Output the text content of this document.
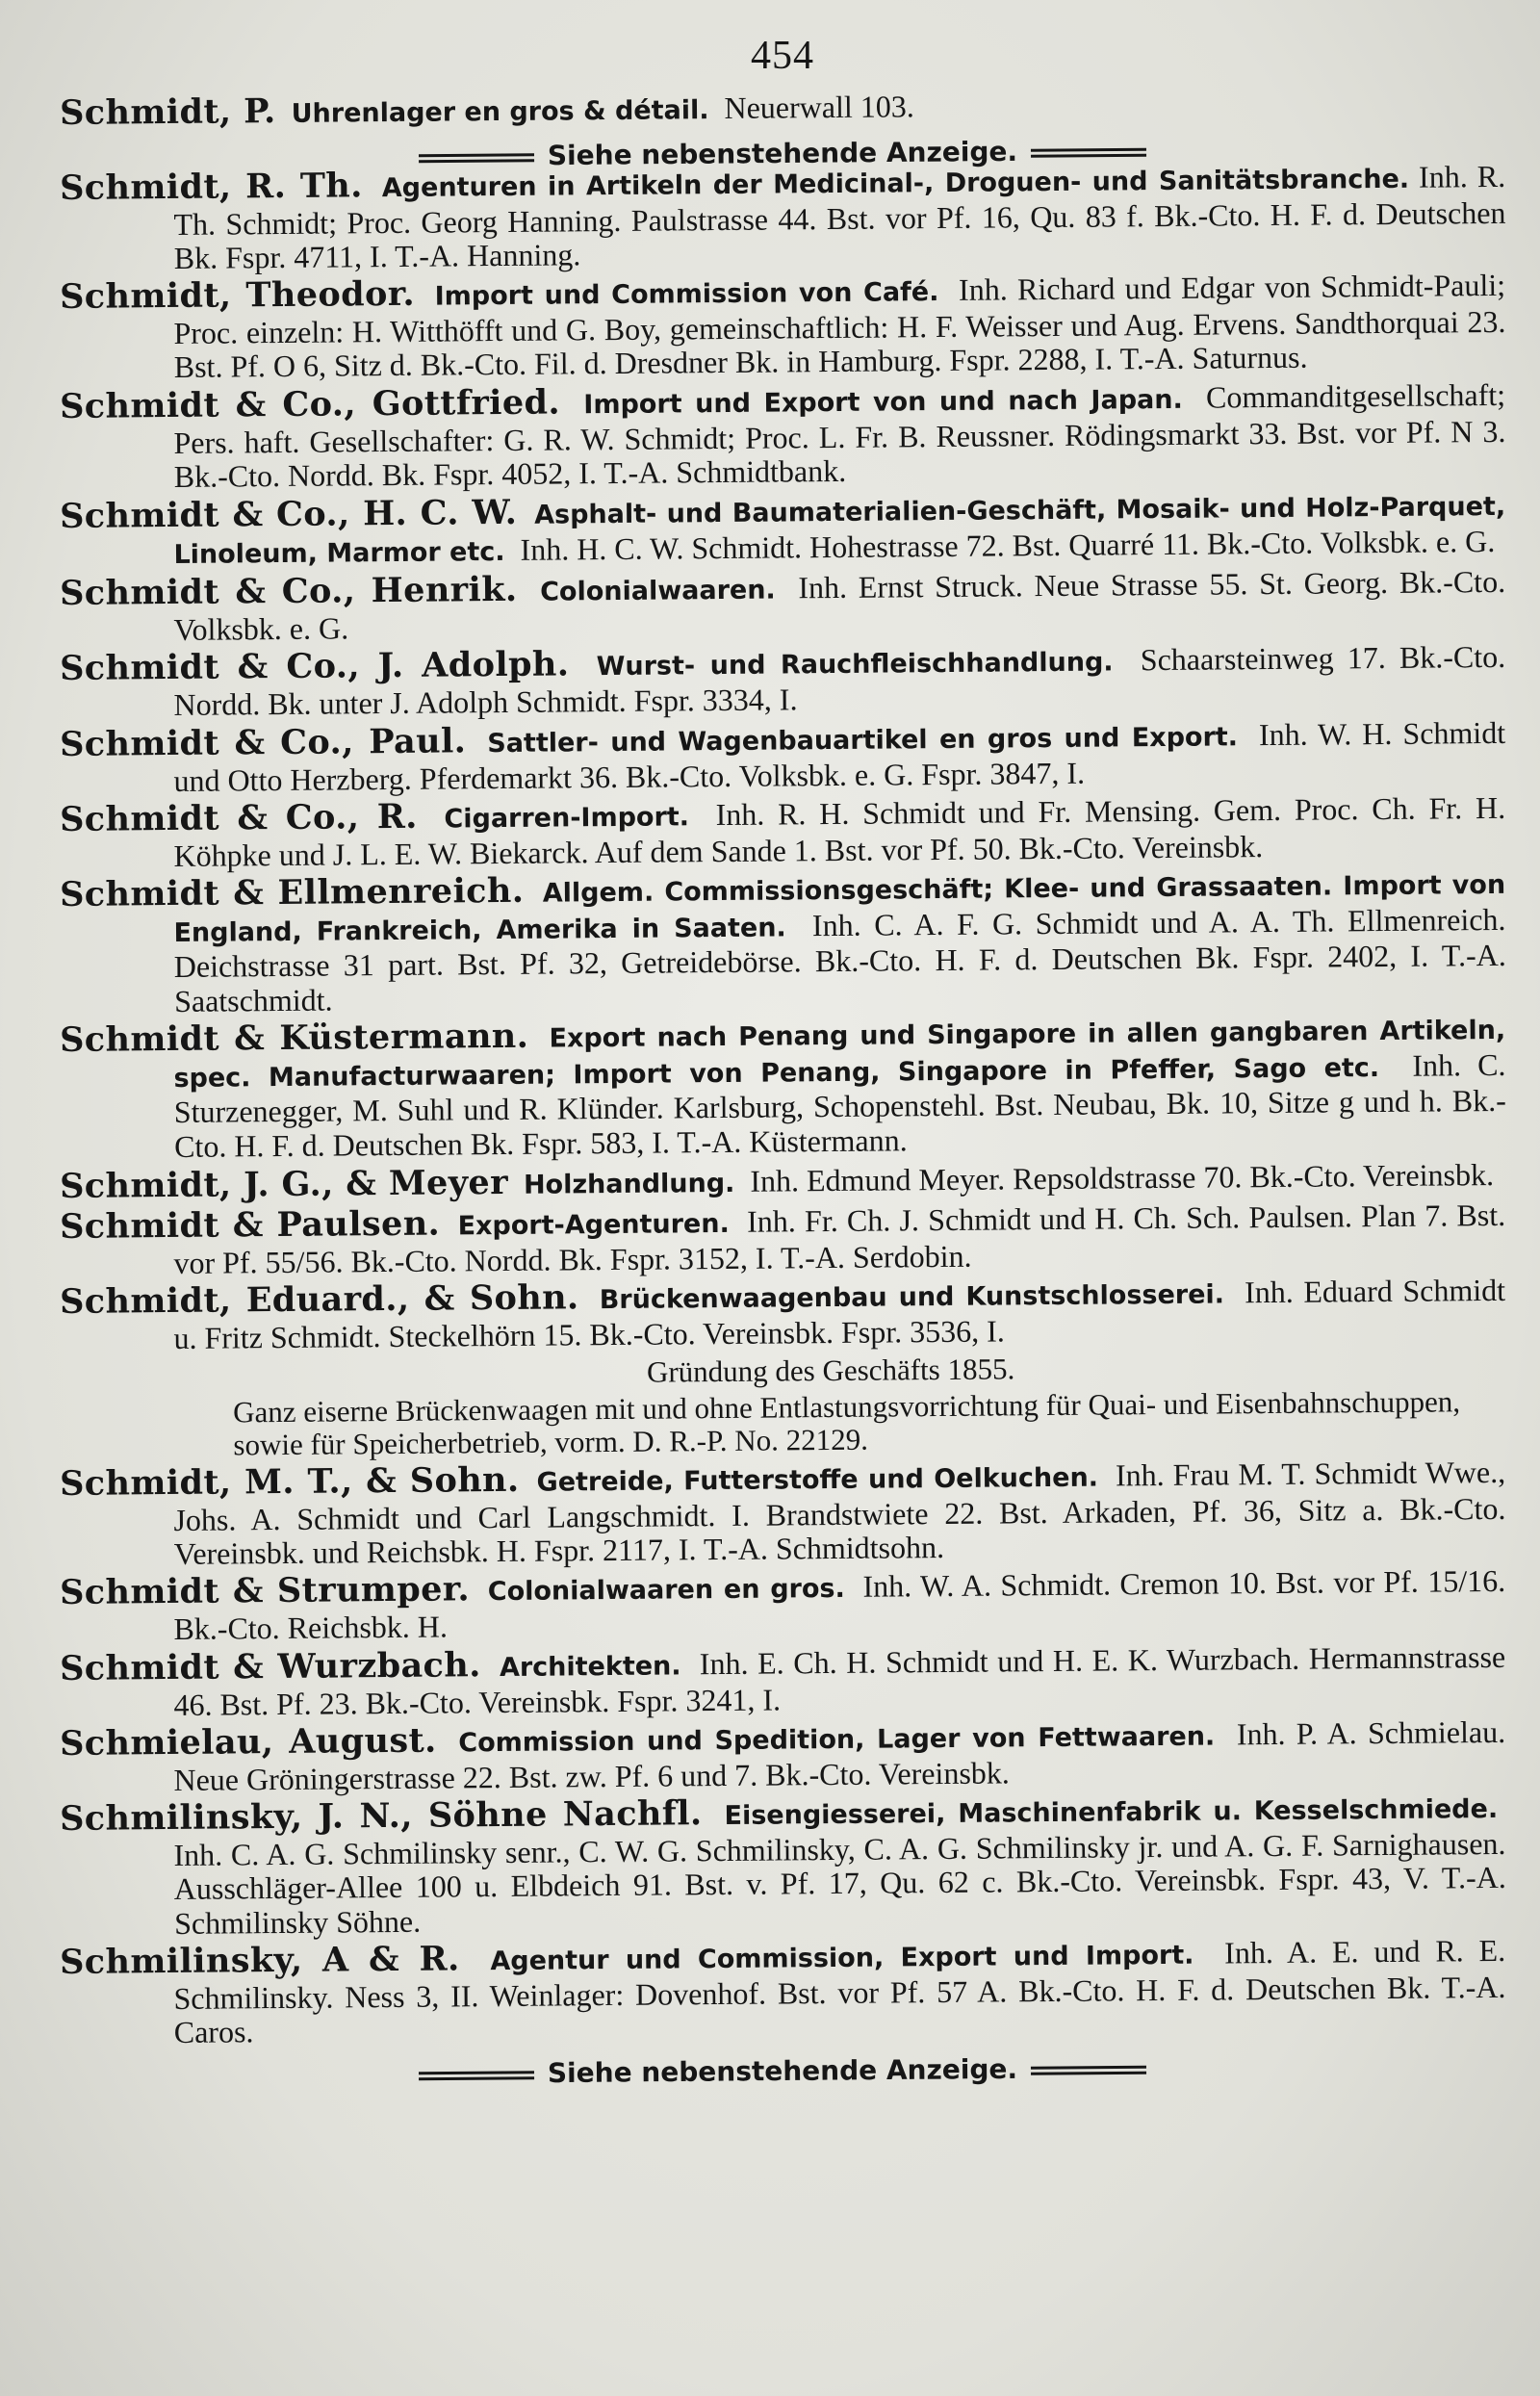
454

Schmidt, P. Uhrenlager en gros & détail. Neuerwall 103.

Siehe nebenstehende Anzeige.

Schmidt, R. Th. Agenturen in Artikeln der Medicinal-, Droguen- und Sanitätsbranche. Inh. R. Th. Schmidt; Proc. Georg Hanning. Paulstrasse 44. Bst. vor Pf. 16, Qu. 83 f. Bk.-Cto. H. F. d. Deutschen Bk. Fspr. 4711, I. T.-A. Hanning.

Schmidt, Theodor. Import und Commission von Café. Inh. Richard und Edgar von Schmidt-Pauli; Proc. einzeln: H. Witthöfft und G. Boy, gemeinschaftlich: H. F. Weisser und Aug. Ervens. Sandthorquai 23. Bst. Pf. O 6, Sitz d. Bk.-Cto. Fil. d. Dresdner Bk. in Hamburg. Fspr. 2288, I. T.-A. Saturnus.

Schmidt & Co., Gottfried. Import und Export von und nach Japan. Commanditgesellschaft; Pers. haft. Gesellschafter: G. R. W. Schmidt; Proc. L. Fr. B. Reussner. Rödingsmarkt 33. Bst. vor Pf. N 3. Bk.-Cto. Nordd. Bk. Fspr. 4052, I. T.-A. Schmidtbank.

Schmidt & Co., H. C. W. Asphalt- und Baumaterialien-Geschäft, Mosaik- und Holz-Parquet, Linoleum, Marmor etc. Inh. H. C. W. Schmidt. Hohestrasse 72. Bst. Quarré 11. Bk.-Cto. Volksbk. e. G.

Schmidt & Co., Henrik. Colonialwaaren. Inh. Ernst Struck. Neue Strasse 55. St. Georg. Bk.-Cto. Volksbk. e. G.

Schmidt & Co., J. Adolph. Wurst- und Rauchfleischhandlung. Schaarsteinweg 17. Bk.-Cto. Nordd. Bk. unter J. Adolph Schmidt. Fspr. 3334, I.

Schmidt & Co., Paul. Sattler- und Wagenbauartikel en gros und Export. Inh. W. H. Schmidt und Otto Herzberg. Pferdemarkt 36. Bk.-Cto. Volksbk. e. G. Fspr. 3847, I.

Schmidt & Co., R. Cigarren-Import. Inh. R. H. Schmidt und Fr. Mensing. Gem. Proc. Ch. Fr. H. Köhpke und J. L. E. W. Biekarck. Auf dem Sande 1. Bst. vor Pf. 50. Bk.-Cto. Vereinsbk.

Schmidt & Ellmenreich. Allgem. Commissionsgeschäft; Klee- und Grassaaten. Import von England, Frankreich, Amerika in Saaten. Inh. C. A. F. G. Schmidt und A. A. Th. Ellmenreich. Deichstrasse 31 part. Bst. Pf. 32, Getreidebörse. Bk.-Cto. H. F. d. Deutschen Bk. Fspr. 2402, I. T.-A. Saatschmidt.

Schmidt & Küstermann. Export nach Penang und Singapore in allen gangbaren Artikeln, spec. Manufacturwaaren; Import von Penang, Singapore in Pfeffer, Sago etc. Inh. C. Sturzenegger, M. Suhl und R. Klünder. Karlsburg, Schopenstehl. Bst. Neubau, Bk. 10, Sitze g und h. Bk.-Cto. H. F. d. Deutschen Bk. Fspr. 583, I. T.-A. Küstermann.

Schmidt, J. G., & Meyer Holzhandlung. Inh. Edmund Meyer. Repsoldstrasse 70. Bk.-Cto. Vereinsbk.

Schmidt & Paulsen. Export-Agenturen. Inh. Fr. Ch. J. Schmidt und H. Ch. Sch. Paulsen. Plan 7. Bst. vor Pf. 55/56. Bk.-Cto. Nordd. Bk. Fspr. 3152, I. T.-A. Serdobin.

Schmidt, Eduard., & Sohn. Brückenwaagenbau und Kunstschlosserei. Inh. Eduard Schmidt u. Fritz Schmidt. Steckelhörn 15. Bk.-Cto. Vereinsbk. Fspr. 3536, I.

Gründung des Geschäfts 1855.
Ganz eiserne Brückenwaagen mit und ohne Entlastungsvorrichtung für Quai- und Eisenbahnschuppen, sowie für Speicherbetrieb, vorm. D. R.-P. No. 22129.

Schmidt, M. T., & Sohn. Getreide, Futterstoffe und Oelkuchen. Inh. Frau M. T. Schmidt Wwe., Johs. A. Schmidt und Carl Langschmidt. I. Brandstwiete 22. Bst. Arkaden, Pf. 36, Sitz a. Bk.-Cto. Vereinsbk. und Reichsbk. H. Fspr. 2117, I. T.-A. Schmidtsohn.

Schmidt & Strumper. Colonialwaaren en gros. Inh. W. A. Schmidt. Cremon 10. Bst. vor Pf. 15/16. Bk.-Cto. Reichsbk. H.

Schmidt & Wurzbach. Architekten. Inh. E. Ch. H. Schmidt und H. E. K. Wurzbach. Hermannstrasse 46. Bst. Pf. 23. Bk.-Cto. Vereinsbk. Fspr. 3241, I.

Schmielau, August. Commission und Spedition, Lager von Fettwaaren. Inh. P. A. Schmielau. Neue Gröningerstrasse 22. Bst. zw. Pf. 6 und 7. Bk.-Cto. Vereinsbk.

Schmilinsky, J. N., Söhne Nachfl. Eisengiesserei, Maschinenfabrik u. Kesselschmiede.  Inh. C. A. G. Schmilinsky senr., C. W. G. Schmilinsky, C. A. G. Schmilinsky jr. und A. G. F. Sarnighausen. Ausschläger-Allee 100 u. Elbdeich 91. Bst. v. Pf. 17, Qu. 62 c. Bk.-Cto. Vereinsbk. Fspr. 43, V. T.-A. Schmilinsky Söhne.

Schmilinsky, A & R. Agentur und Commission, Export und Import. Inh. A. E. und R. E. Schmilinsky. Ness 3, II. Weinlager: Dovenhof. Bst. vor Pf. 57 A. Bk.-Cto. H. F. d. Deutschen Bk. T.-A. Caros.

Siehe nebenstehende Anzeige.
